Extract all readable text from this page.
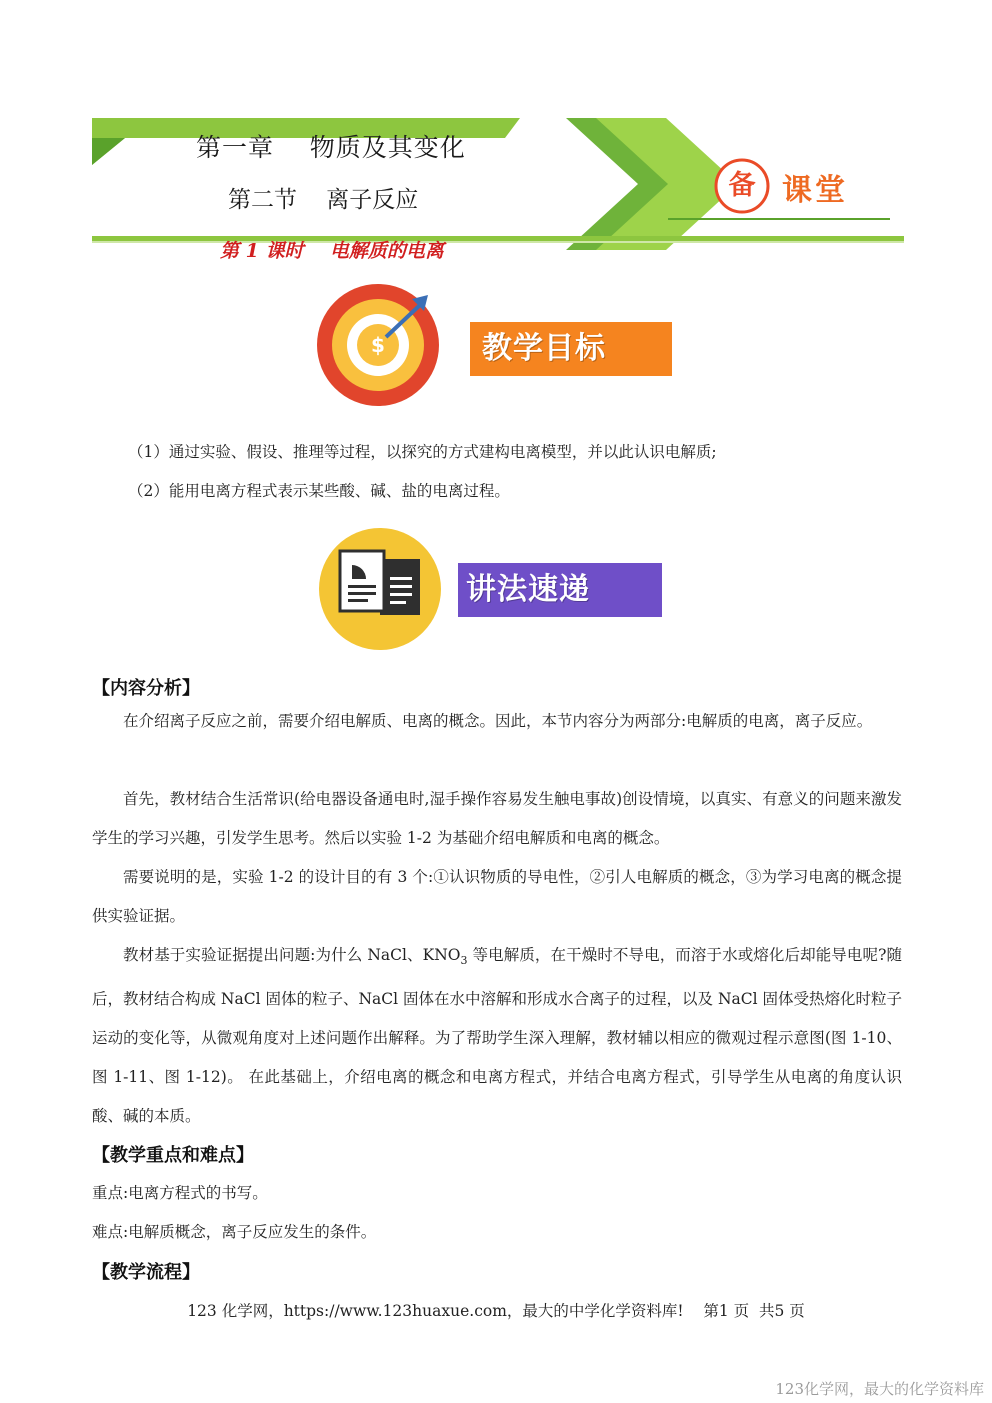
第一章    物质及其变化
第二节    离子反应
第 1 课时    电解质的电离
备 课堂
$	教学目标
（1）通过实验、假设、推理等过程，以探究的方式建构电离模型，并以此认识电解质;
（2）能用电离方程式表示某些酸、碱、盐的电离过程。
讲法速递
【内容分析】

在介绍离子反应之前，需要介绍电解质、电离的概念。因此，本节内容分为两部分:电解质的电离，离子反应。

首先，教材结合生活常识(给电器设备通电时,湿手操作容易发生触电事故)创设情境，以真实、有意义的问题来激发学生的学习兴趣，引发学生思考。然后以实验 1-2 为基础介绍电解质和电离的概念。

需要说明的是，实验 1-2 的设计目的有 3 个:①认识物质的导电性，②引人电解质的概念，③为学习电离的概念提供实验证据。

教材基于实验证据提出问题:为什么 NaCl、$KNO_3$ 等电解质，在干燥时不导电，而溶于水或熔化后却能导电呢?随后，教材结合构成 NaCl 固体的粒子、NaCl 固体在水中溶解和形成水合离子的过程，以及 NaCl 固体受热熔化时粒子运动的变化等，从微观角度对上述问题作出解释。为了帮助学生深入理解，教材辅以相应的微观过程示意图(图 1-10、图 1-11、图 1-12)。 在此基础上，介绍电离的概念和电离方程式，并结合电离方程式，引导学生从电离的角度认识酸、碱的本质。

【教学重点和难点】
重点:电离方程式的书写。
难点:电解质概念，离子反应发生的条件。
【教学流程】
123 化学网，https://www.123huaxue.com，最大的中学化学资料库! 第1 页  共5 页
123化学网，最大的化学资料库
